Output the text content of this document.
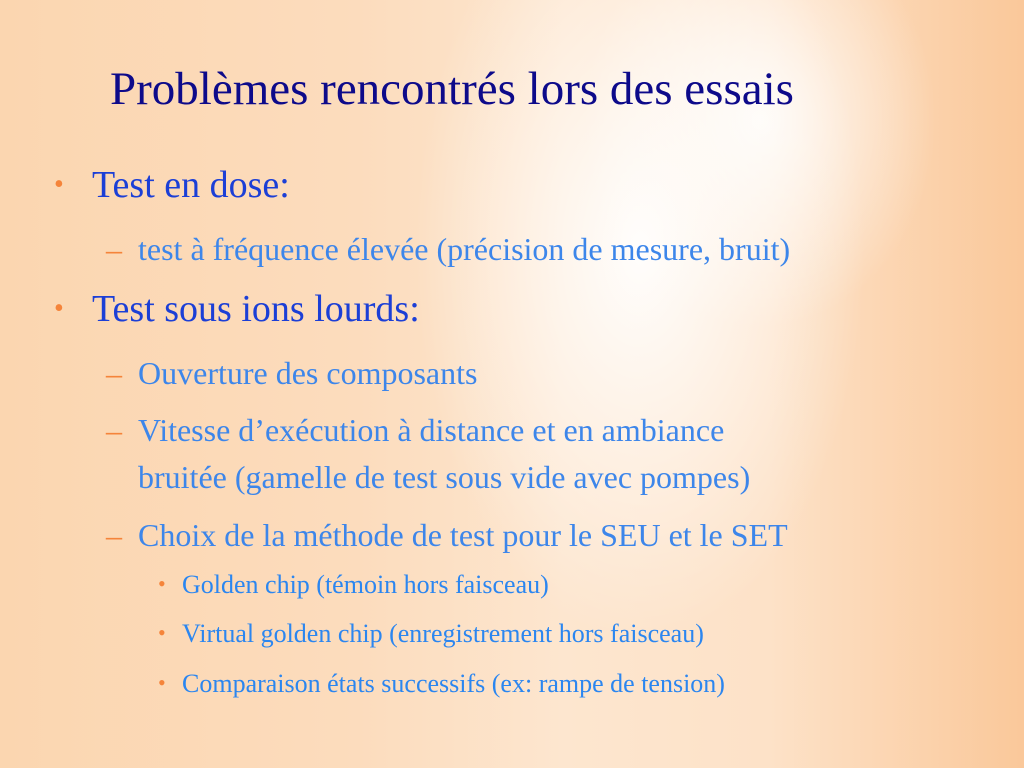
Problèmes rencontrés lors des essais
• Test en dose:
– test à fréquence élevée (précision de mesure, bruit)
• Test sous ions lourds:
– Ouverture des composants
– Vitesse d’exécution à distance et en ambiance
bruitée (gamelle de test sous vide avec pompes)
– Choix de la méthode de test pour le SEU et le SET
• Golden chip (témoin hors faisceau)
• Virtual golden chip (enregistrement hors faisceau)
• Comparaison états successifs (ex: rampe de tension)
